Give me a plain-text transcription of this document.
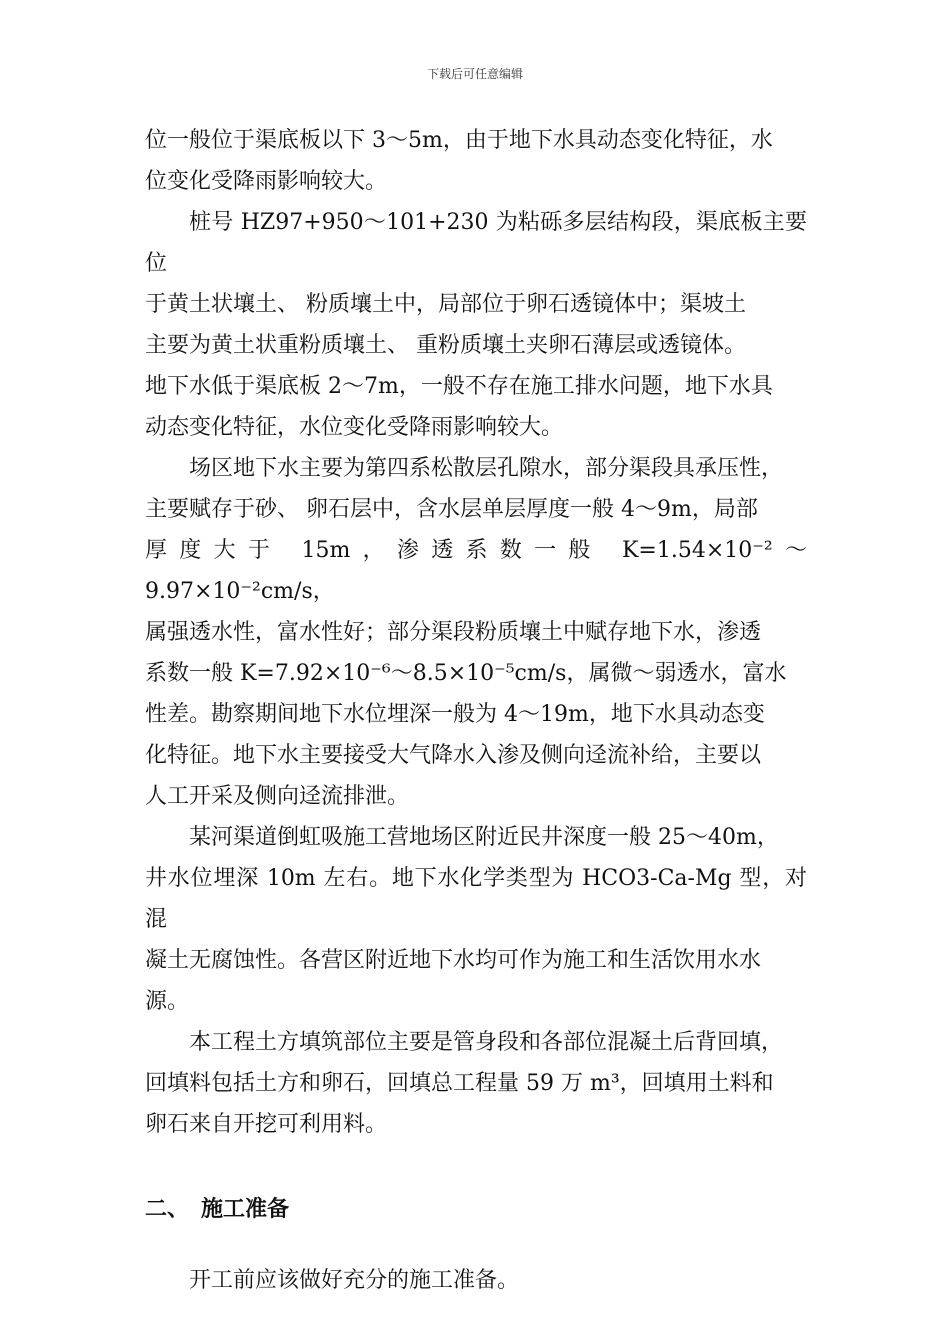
下载后可任意编辑

位一般位于渠底板以下 3～5m，由于地下水具动态变化特征，水
位变化受降雨影响较大。

桩号 HZ97+950～101+230 为粘砾多层结构段，渠底板主要位
于黄土状壤土、 粉质壤土中，局部位于卵石透镜体中；渠坡土
主要为黄土状重粉质壤土、 重粉质壤土夹卵石薄层或透镜体。
地下水低于渠底板 2～7m，一般不存在施工排水问题，地下水具
动态变化特征，水位变化受降雨影响较大。

场区地下水主要为第四系松散层孔隙水，部分渠段具承压性，
主要赋存于砂、 卵石层中，含水层单层厚度一般 4～9m，局部
厚度大于 15m，渗透系数一般 K=1.54×10⁻²～9.97×10⁻²cm/s，
属强透水性，富水性好；部分渠段粉质壤土中赋存地下水，渗透
系数一般 K=7.92×10⁻⁶～8.5×10⁻⁵cm/s，属微～弱透水，富水
性差。勘察期间地下水位埋深一般为 4～19m，地下水具动态变
化特征。地下水主要接受大气降水入渗及侧向迳流补给，主要以
人工开采及侧向迳流排泄。

某河渠道倒虹吸施工营地场区附近民井深度一般 25～40m，
井水位埋深 10m 左右。地下水化学类型为 HCO3-Ca-Mg 型，对混
凝土无腐蚀性。各营区附近地下水均可作为施工和生活饮用水水
源。

本工程土方填筑部位主要是管身段和各部位混凝土后背回填，
回填料包括土方和卵石，回填总工程量 59 万 m³，回填用土料和
卵石来自开挖可利用料。

二、 施工准备

开工前应该做好充分的施工准备。
